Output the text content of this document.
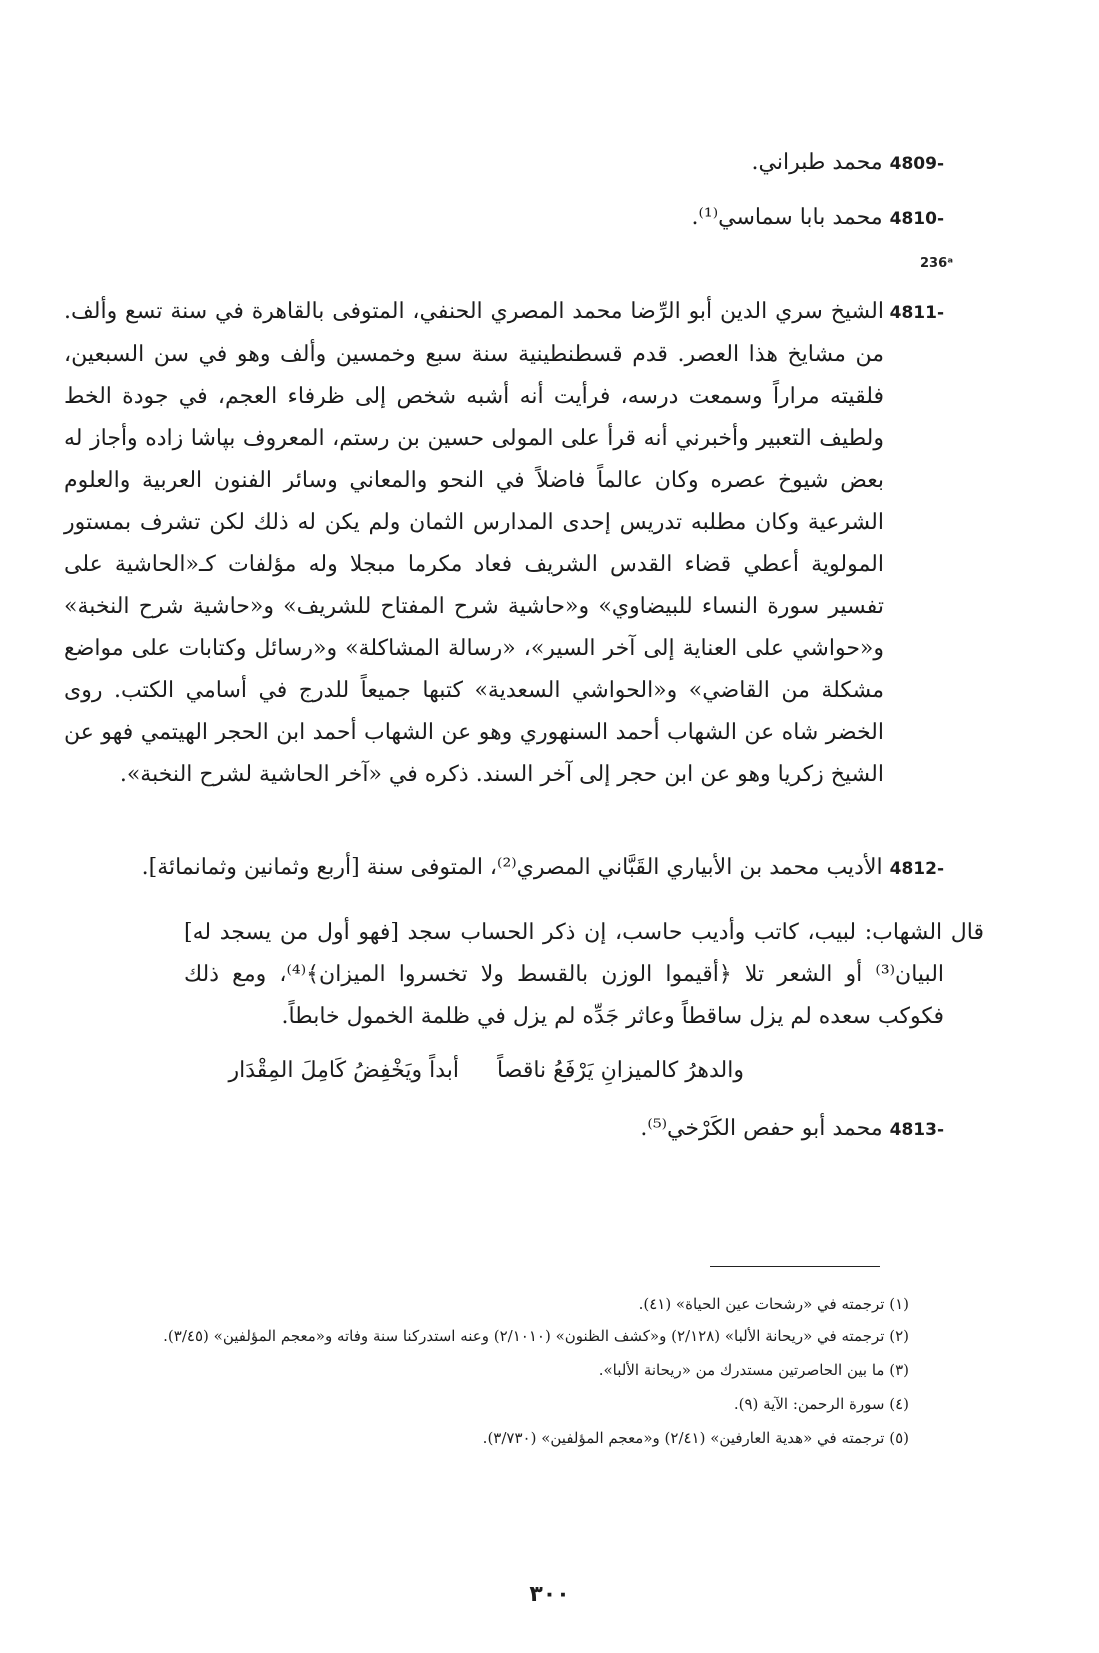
4809- محمد طبراني.
4810- محمد بابا سماسي⁽¹⁾.
236ᵃ
4811-الشيخ سري الدين أبو الرِّضا محمد المصري الحنفي، المتوفى بالقاهرة في سنة تسع وألف. من مشايخ هذا العصر. قدم قسطنطينية سنة سبع وخمسين وألف وهو في سن السبعين، فلقيته مراراً وسمعت درسه، فرأيت أنه أشبه شخص إلى ظرفاء العجم، في جودة الخط ولطيف التعبير وأخبرني أنه قرأ على المولى حسين بن رستم، المعروف بپاشا زاده وأجاز له بعض شيوخ عصره وكان عالماً فاضلاً في النحو والمعاني وسائر الفنون العربية والعلوم الشرعية وكان مطلبه تدريس إحدى المدارس الثمان ولم يكن له ذلك لكن تشرف بمستور المولوية أعطي قضاء القدس الشريف فعاد مكرما مبجلا وله مؤلفات كـ«الحاشية على تفسير سورة النساء للبيضاوي» و«حاشية شرح المفتاح للشريف» و«حاشية شرح النخبة» و«حواشي على العناية إلى آخر السير»، «رسالة المشاكلة» و«رسائل وكتابات على مواضع مشكلة من القاضي» و«الحواشي السعدية» كتبها جميعاً للدرج في أسامي الكتب. روى الخضر شاه عن الشهاب أحمد السنهوري وهو عن الشهاب أحمد ابن الحجر الهيتمي فهو عن الشيخ زكريا وهو عن ابن حجر إلى آخر السند. ذكره في «آخر الحاشية لشرح النخبة».
4812- الأديب محمد بن الأبياري القَبَّاني المصري⁽²⁾، المتوفى سنة [أربع وثمانين وثمانمائة].
قال الشهاب: لبيب، كاتب وأديب حاسب، إن ذكر الحساب سجد [فهو أول من يسجد له] البيان⁽³⁾ أو الشعر تلا ﴿أقيموا الوزن بالقسط ولا تخسروا الميزان﴾⁽⁴⁾، ومع ذلك فكوكب سعده لم يزل ساقطاً وعاثر جَدِّه لم يزل في ظلمة الخمول خابطاً.
والدهرُ كالميزانِ يَرْفَعُ ناقصاً
أبداً ويَخْفِضُ كَامِلَ المِقْدَار
4813- محمد أبو حفص الكَرْخي⁽⁵⁾.
(١) ترجمته في «رشحات عين الحياة» (٤١).
(٢) ترجمته في «ريحانة الألبا» (٢/١٢٨) و«كشف الظنون» (٢/١٠١٠) وعنه استدركنا سنة وفاته و«معجم المؤلفين» (٣/٤٥).
(٣) ما بين الحاصرتين مستدرك من «ريحانة الألبا».
(٤) سورة الرحمن: الآية (٩).
(٥) ترجمته في «هدية العارفين» (٢/٤١) و«معجم المؤلفين» (٣/٧٣٠).
٣٠٠
